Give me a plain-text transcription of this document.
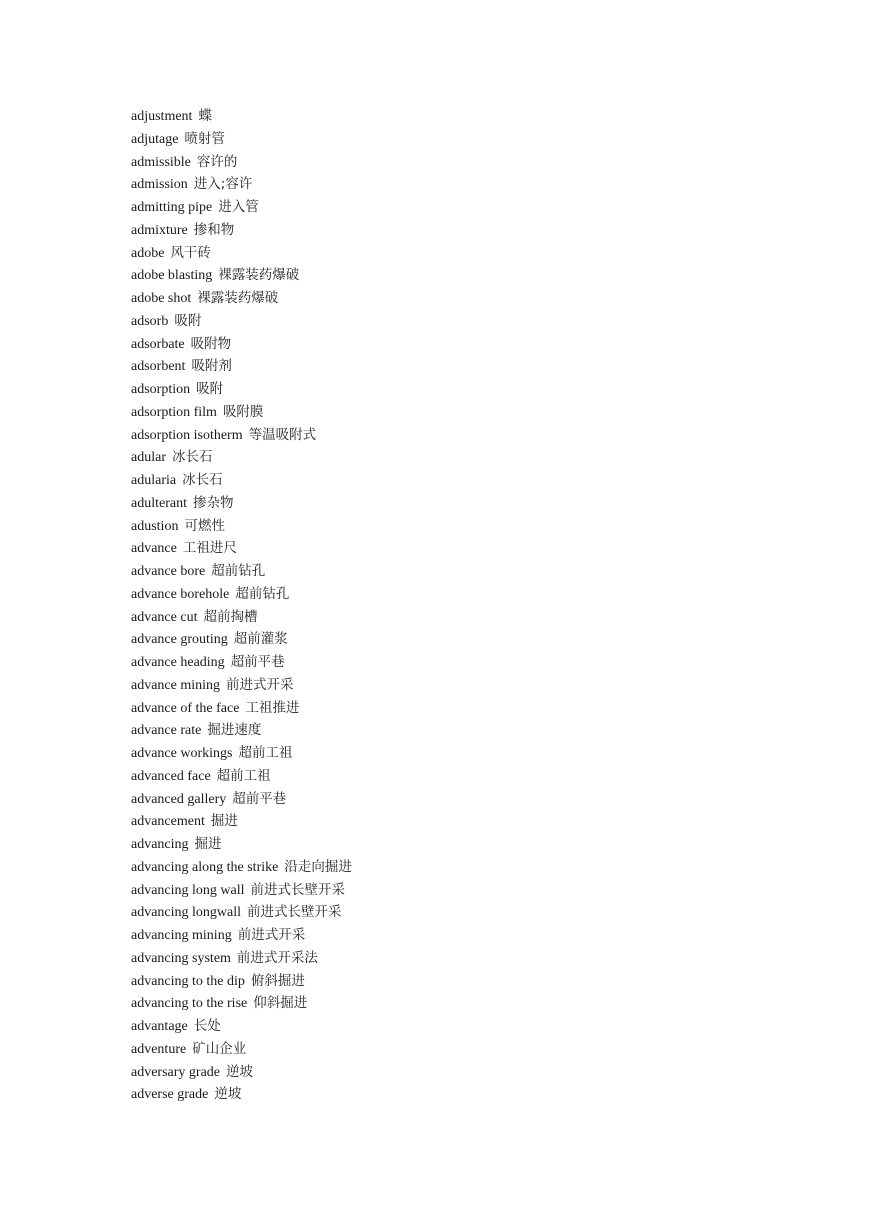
adjustment 蝶
adjutage 喷射管
admissible 容许的
admission 进入;容许
admitting pipe 进入管
admixture 掺和物
adobe 风干砖
adobe blasting 裸露装药爆破
adobe shot 裸露装药爆破
adsorb 吸附
adsorbate 吸附物
adsorbent 吸附剂
adsorption 吸附
adsorption film 吸附膜
adsorption isotherm 等温吸附式
adular 冰长石
adularia 冰长石
adulterant 掺杂物
adustion 可燃性
advance 工祖进尺
advance bore 超前钻孔
advance borehole 超前钻孔
advance cut 超前掏槽
advance grouting 超前灌浆
advance heading 超前平巷
advance mining 前进式开采
advance of the face 工祖推进
advance rate 掘进速度
advance workings 超前工祖
advanced face 超前工祖
advanced gallery 超前平巷
advancement 掘进
advancing 掘进
advancing along the strike 沿走向掘进
advancing long wall 前进式长壁开采
advancing longwall 前进式长壁开采
advancing mining 前进式开采
advancing system 前进式开采法
advancing to the dip 俯斜掘进
advancing to the rise 仰斜掘进
advantage 长处
adventure 矿山企业
adversary grade 逆坡
adverse grade 逆坡
